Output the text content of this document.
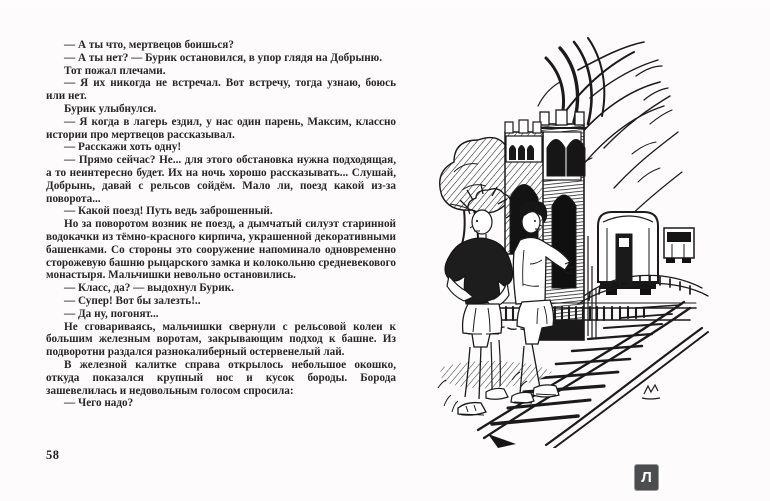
— А ты что, мертвецов боишься?

— А ты нет? — Бурик остановился, в упор глядя на Добрыню.

Тот пожал плечами.

— Я их никогда не встречал. Вот встречу, тогда узнаю, боюсь или нет.

Бурик улыбнулся.

— Я когда в лагерь ездил, у нас один парень, Максим, классно истории про мертвецов рассказывал.

— Расскажи хоть одну!

— Прямо сейчас? Не... для этого обстановка нужна подходящая, а то неинтересно будет. Их на ночь хорошо рассказывать... Слушай, Добрынь, давай с рельсов сойдём. Мало ли, поезд какой из-за поворота...

— Какой поезд! Путь ведь заброшенный.

Но за поворотом возник не поезд, а дымчатый силуэт старинной водокачки из тёмно-красного кирпича, украшенной декоративными башенками. Со стороны это сооружение напоминало одновременно сторожевую башню рыцарского замка и колокольню средневекового монастыря. Мальчишки невольно остановились.

— Класс, да? — выдохнул Бурик.

— Супер! Вот бы залезть!..

— Да ну, погонят...

Не сговариваясь, мальчишки свернули с рельсовой колеи к большим железным воротам, закрывающим подход к башне. Из подворотни раздался разнокалиберный остервенелый лай.

В железной калитке справа открылось небольшое окошко, откуда показался крупный нос и кусок бороды. Борода зашевелилась и недовольным голосом спросила:

— Чего надо?

58
Л
